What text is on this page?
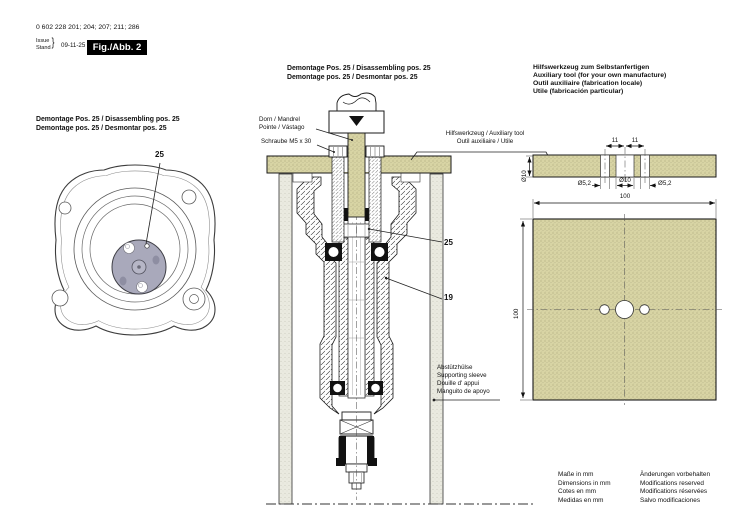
0 602 228 201; 204; 207; 211; 286
Issue
Stand } 09-11-25 Fig./Abb. 2
Demontage Pos. 25 / Disassembling pos. 25
Demontage pos. 25 / Desmontar pos. 25
25
Demontage Pos. 25 / Disassembling pos. 25
Demontage pos. 25 / Desmontar pos. 25
Dorn / Mandrel
Pointe / Vástago
Schraube M5 x 30
Hilfswerkzeug / Auxiliary tool
Outil auxiliaire / Utile
25
19
Abstützhülse
Supporting sleeve
Douille d' appui
Manguito de apoyo
Hilfswerkzeug zum Selbstanfertigen
Auxiliary tool (for your own manufacture)
Outil auxiliaire (fabrication locale)
Utile (fabricación particular)
11	11
Ø5,2	Ø10	Ø5,2
Ø10
100
100
Maße in mm
Dimensions in mm
Cotes en mm
Medidas en mm
Änderungen vorbehalten
Modifications reserved
Modifications réservées
Salvo modificaciones
